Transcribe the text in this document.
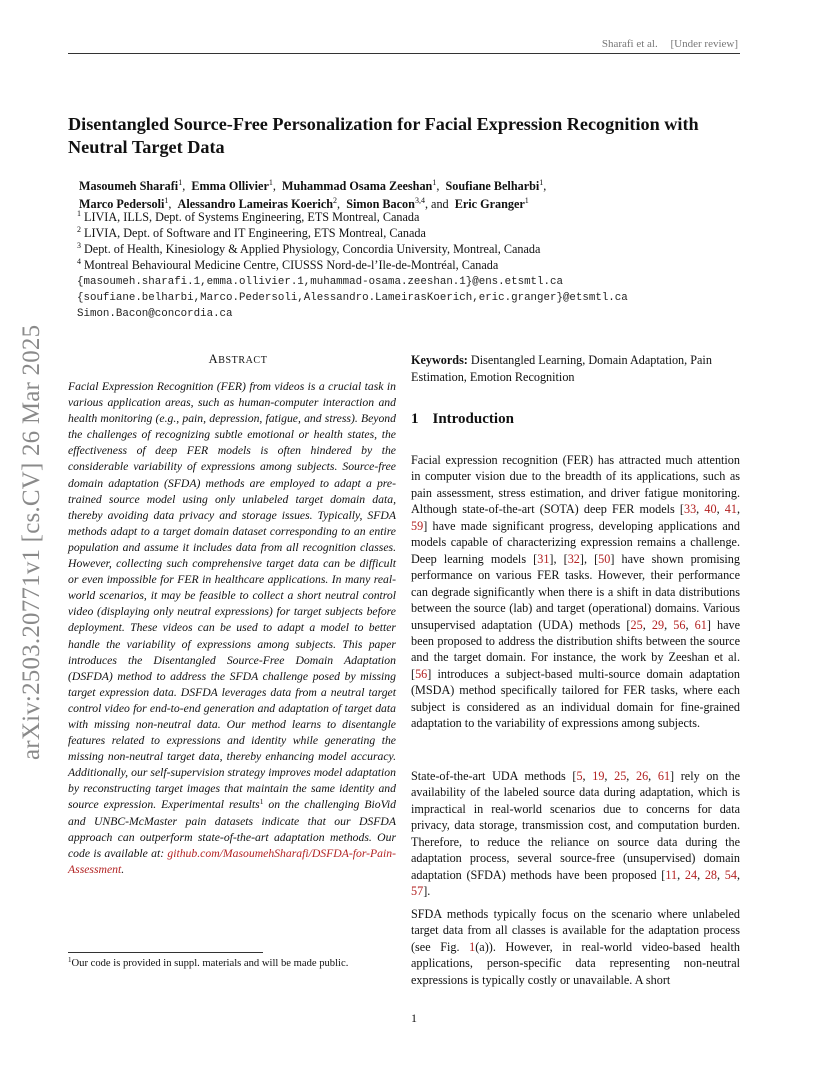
Sharafi et al. [Under review]
arXiv:2503.20771v1 [cs.CV] 26 Mar 2025
Disentangled Source-Free Personalization for Facial Expression Recognition with
Neutral Target Data
Masoumeh Sharafi$^1$,  Emma Ollivier$^1$,  Muhammad Osama Zeeshan$^1$,  Soufiane Belharbi$^1$,
Marco Pedersoli$^1$,  Alessandro Lameiras Koerich$^2$,  Simon Bacon$^{3,4}$, and Eric Granger$^1$
$^1$ LIVIA, ILLS, Dept. of Systems Engineering, ETS Montreal, Canada
$^2$ LIVIA, Dept. of Software and IT Engineering, ETS Montreal, Canada
$^3$ Dept. of Health, Kinesiology & Applied Physiology, Concordia University, Montreal, Canada
$^4$ Montreal Behavioural Medicine Centre, CIUSSS Nord-de-l’Ile-de-Montréal, Canada
{masoumeh.sharafi.1,emma.ollivier.1,muhammad-osama.zeeshan.1}@ens.etsmtl.ca
{soufiane.belharbi,Marco.Pedersoli,Alessandro.LameirasKoerich,eric.granger}@etsmtl.ca
Simon.Bacon@concordia.ca
ABSTRACT
Facial Expression Recognition (FER) from videos is a crucial task in various application areas, such as human-computer interaction and health monitoring (e.g., pain, depression, fatigue, and stress). Beyond the challenges of recognizing subtle emotional or health states, the effectiveness of deep FER models is often hindered by the considerable variability of expressions among subjects. Source-free domain adaptation (SFDA) methods are employed to adapt a pre-trained source model using only unlabeled target domain data, thereby avoiding data privacy and storage issues. Typically, SFDA methods adapt to a target domain dataset corresponding to an entire population and assume it includes data from all recognition classes. However, collecting such comprehensive target data can be difficult or even impossible for FER in healthcare applications. In many real-world scenarios, it may be feasible to collect a short neutral control video (displaying only neutral expressions) for target subjects before deployment. These videos can be used to adapt a model to better handle the variability of expressions among subjects. This paper introduces the Disentangled Source-Free Domain Adaptation (DSFDA) method to address the SFDA challenge posed by missing target expression data. DSFDA leverages data from a neutral target control video for end-to-end generation and adaptation of target data with missing non-neutral data. Our method learns to disentangle features related to expressions and identity while generating the missing non-neutral target data, thereby enhancing model accuracy. Additionally, our self-supervision strategy improves model adaptation by reconstructing target images that maintain the same identity and source expression. Experimental results$^1$ on the challenging BioVid and UNBC-McMaster pain datasets indicate that our DSFDA approach can outperform state-of-the-art adaptation methods. Our code is available at: github.com/MasoumehSharafi/DSFDA-for-Pain-Assessment.
$^1$Our code is provided in suppl. materials and will be made public.
Keywords: Disentangled Learning, Domain Adaptation, Pain Estimation, Emotion Recognition
1 Introduction
Facial expression recognition (FER) has attracted much attention in computer vision due to the breadth of its applications, such as pain assessment, stress estimation, and driver fatigue monitoring. Although state-of-the-art (SOTA) deep FER models [33, 40, 41, 59] have made significant progress, developing applications and models capable of characterizing expression remains a challenge. Deep learning models [31], [32], [50] have shown promising performance on various FER tasks. However, their performance can degrade significantly when there is a shift in data distributions between the source (lab) and target (operational) domains. Various unsupervised adaptation (UDA) methods [25, 29, 56, 61] have been proposed to address the distribution shifts between the source and the target domain. For instance, the work by Zeeshan et al. [56] introduces a subject-based multi-source domain adaptation (MSDA) method specifically tailored for FER tasks, where each subject is considered as an individual domain for fine-grained adaptation to the variability of expressions among subjects.
State-of-the-art UDA methods [5, 19, 25, 26, 61] rely on the availability of the labeled source data during adaptation, which is impractical in real-world scenarios due to concerns for data privacy, data storage, transmission cost, and computation burden. Therefore, to reduce the reliance on source data during the adaptation process, several source-free (unsupervised) domain adaptation (SFDA) methods have been proposed [11, 24, 28, 54, 57].
SFDA methods typically focus on the scenario where unlabeled target data from all classes is available for the adaptation process (see Fig. 1(a)). However, in real-world video-based health applications, person-specific data representing non-neutral expressions is typically costly or unavailable. A short
1
